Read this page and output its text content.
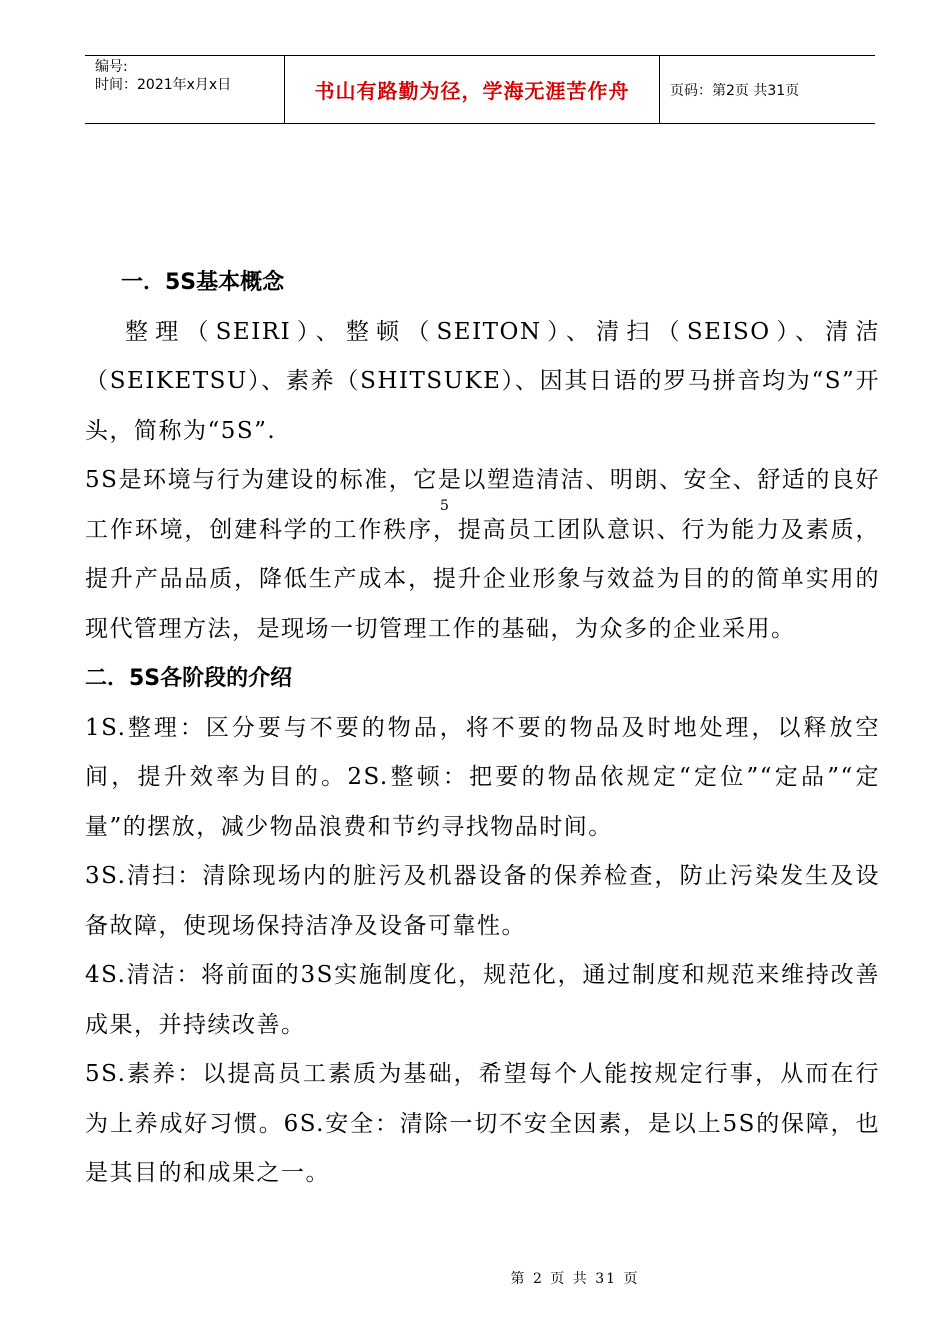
编号:
时间：2021年x月x日	书山有路勤为径，学海无涯苦作舟	页码：第2页 共31页
一．5S基本概念

整理（SEIRI）、整顿（SEITON）、清扫（SEISO）、清洁（SEIKETSU）、素养（SHITSUKE）、因其日语的罗马拼音均为“S”开头，简称为“5S”.

5S是环境与行为建设的标准，它是以塑造清洁、明朗、安全、舒适的良好工作环境，创建科学的工作秩序，提高员工团队意识、行为能力及素质，提升产品品质，降低生产成本，提升企业形象与效益为目的的简单实用的现代管理方法，是现场一切管理工作的基础，为众多的企业采用。

二．5S各阶段的介绍

1S.整理：区分要与不要的物品，将不要的物品及时地处理，以释放空间，提升效率为目的。2S.整顿：把要的物品依规定“定位”“定品”“定量”的摆放，减少物品浪费和节约寻找物品时间。

3S.清扫：清除现场内的脏污及机器设备的保养检查，防止污染发生及设备故障，使现场保持洁净及设备可靠性。

4S.清洁：将前面的3S实施制度化，规范化，通过制度和规范来维持改善成果，并持续改善。

5S.素养：以提高员工素质为基础，希望每个人能按规定行事，从而在行为上养成好习惯。6S.安全：清除一切不安全因素，是以上5S的保障，也是其目的和成果之一。

5
第 2 页 共 31 页
